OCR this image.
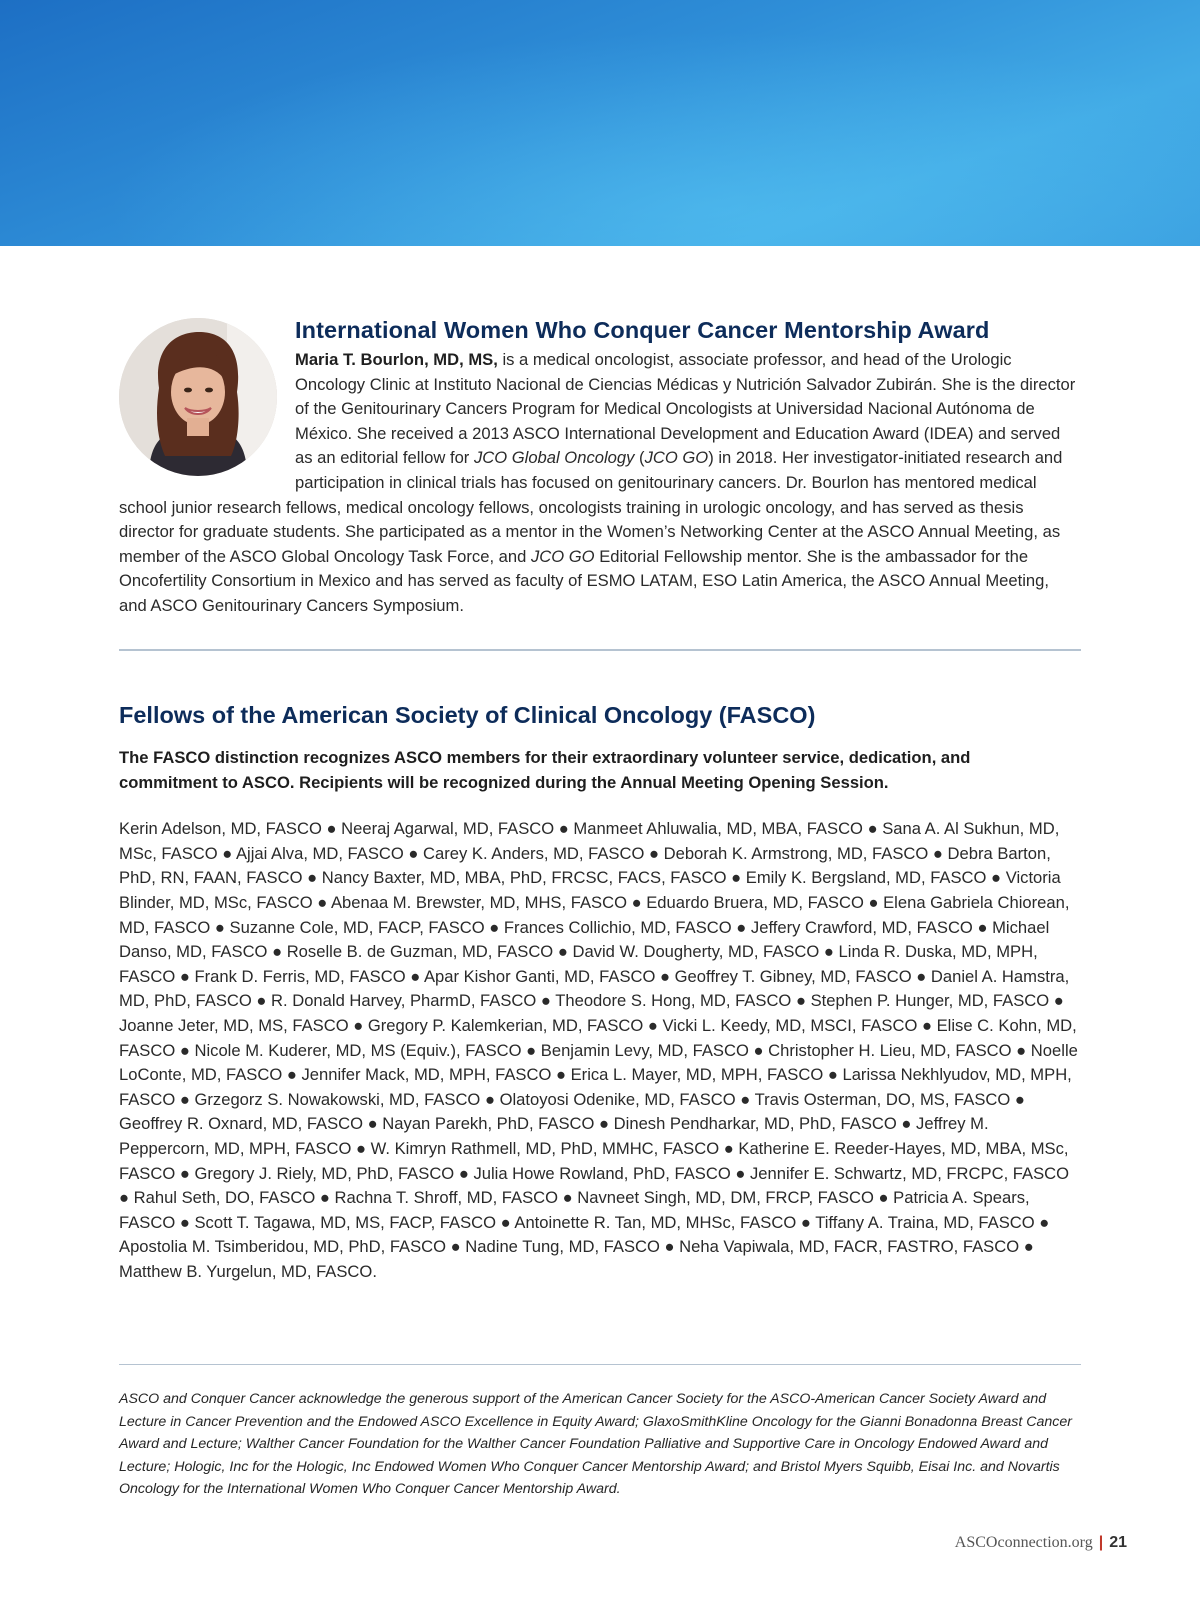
International Women Who Conquer Cancer Mentorship Award

Maria T. Bourlon, MD, MS, is a medical oncologist, associate professor, and head of the Urologic Oncology Clinic at Instituto Nacional de Ciencias Médicas y Nutrición Salvador Zubirán. She is the director of the Genitourinary Cancers Program for Medical Oncologists at Universidad Nacional Autónoma de México. She received a 2013 ASCO International Development and Education Award (IDEA) and served as an editorial fellow for JCO Global Oncology (JCO GO) in 2018. Her investigator-initiated research and participation in clinical trials has focused on genitourinary cancers. Dr. Bourlon has mentored medical school junior research fellows, medical oncology fellows, oncologists training in urologic oncology, and has served as thesis director for graduate students. She participated as a mentor in the Women’s Networking Center at the ASCO Annual Meeting, as member of the ASCO Global Oncology Task Force, and JCO GO Editorial Fellowship mentor. She is the ambassador for the Oncofertility Consortium in Mexico and has served as faculty of ESMO LATAM, ESO Latin America, the ASCO Annual Meeting, and ASCO Genitourinary Cancers Symposium.

Fellows of the American Society of Clinical Oncology (FASCO)

The FASCO distinction recognizes ASCO members for their extraordinary volunteer service, dedication, and commitment to ASCO. Recipients will be recognized during the Annual Meeting Opening Session.

Kerin Adelson, MD, FASCO ● Neeraj Agarwal, MD, FASCO ● Manmeet Ahluwalia, MD, MBA, FASCO ● Sana A. Al Sukhun, MD, MSc, FASCO ● Ajjai Alva, MD, FASCO ● Carey K. Anders, MD, FASCO ● Deborah K. Armstrong, MD, FASCO ● Debra Barton, PhD, RN, FAAN, FASCO ● Nancy Baxter, MD, MBA, PhD, FRCSC, FACS, FASCO ● Emily K. Bergsland, MD, FASCO ● Victoria Blinder, MD, MSc, FASCO ● Abenaa M. Brewster, MD, MHS, FASCO ● Eduardo Bruera, MD, FASCO ● Elena Gabriela Chiorean, MD, FASCO ● Suzanne Cole, MD, FACP, FASCO ● Frances Collichio, MD, FASCO ● Jeffery Crawford, MD, FASCO ● Michael Danso, MD, FASCO ● Roselle B. de Guzman, MD, FASCO ● David W. Dougherty, MD, FASCO ● Linda R. Duska, MD, MPH, FASCO ● Frank D. Ferris, MD, FASCO ● Apar Kishor Ganti, MD, FASCO ● Geoffrey T. Gibney, MD, FASCO ● Daniel A. Hamstra, MD, PhD, FASCO ● R. Donald Harvey, PharmD, FASCO ● Theodore S. Hong, MD, FASCO ● Stephen P. Hunger, MD, FASCO ● Joanne Jeter, MD, MS, FASCO ● Gregory P. Kalemkerian, MD, FASCO ● Vicki L. Keedy, MD, MSCI, FASCO ● Elise C. Kohn, MD, FASCO ● Nicole M. Kuderer, MD, MS (Equiv.), FASCO ● Benjamin Levy, MD, FASCO ● Christopher H. Lieu, MD, FASCO ● Noelle LoConte, MD, FASCO ● Jennifer Mack, MD, MPH, FASCO ● Erica L. Mayer, MD, MPH, FASCO ● Larissa Nekhlyudov, MD, MPH, FASCO ● Grzegorz S. Nowakowski, MD, FASCO ● Olatoyosi Odenike, MD, FASCO ● Travis Osterman, DO, MS, FASCO ● Geoffrey R. Oxnard, MD, FASCO ● Nayan Parekh, PhD, FASCO ● Dinesh Pendharkar, MD, PhD, FASCO ● Jeffrey M. Peppercorn, MD, MPH, FASCO ● W. Kimryn Rathmell, MD, PhD, MMHC, FASCO ● Katherine E. Reeder-Hayes, MD, MBA, MSc, FASCO ● Gregory J. Riely, MD, PhD, FASCO ● Julia Howe Rowland, PhD, FASCO ● Jennifer E. Schwartz, MD, FRCPC, FASCO ● Rahul Seth, DO, FASCO ● Rachna T. Shroff, MD, FASCO ● Navneet Singh, MD, DM, FRCP, FASCO ● Patricia A. Spears, FASCO ● Scott T. Tagawa, MD, MS, FACP, FASCO ● Antoinette R. Tan, MD, MHSc, FASCO ● Tiffany A. Traina, MD, FASCO ● Apostolia M. Tsimberidou, MD, PhD, FASCO ● Nadine Tung, MD, FASCO ● Neha Vapiwala, MD, FACR, FASTRO, FASCO ● Matthew B. Yurgelun, MD, FASCO.

ASCO and Conquer Cancer acknowledge the generous support of the American Cancer Society for the ASCO-American Cancer Society Award and Lecture in Cancer Prevention and the Endowed ASCO Excellence in Equity Award; GlaxoSmithKline Oncology for the Gianni Bonadonna Breast Cancer Award and Lecture; Walther Cancer Foundation for the Walther Cancer Foundation Palliative and Supportive Care in Oncology Endowed Award and Lecture; Hologic, Inc for the Hologic, Inc Endowed Women Who Conquer Cancer Mentorship Award; and Bristol Myers Squibb, Eisai Inc. and Novartis Oncology for the International Women Who Conquer Cancer Mentorship Award.

ASCOconnection.org | 21
